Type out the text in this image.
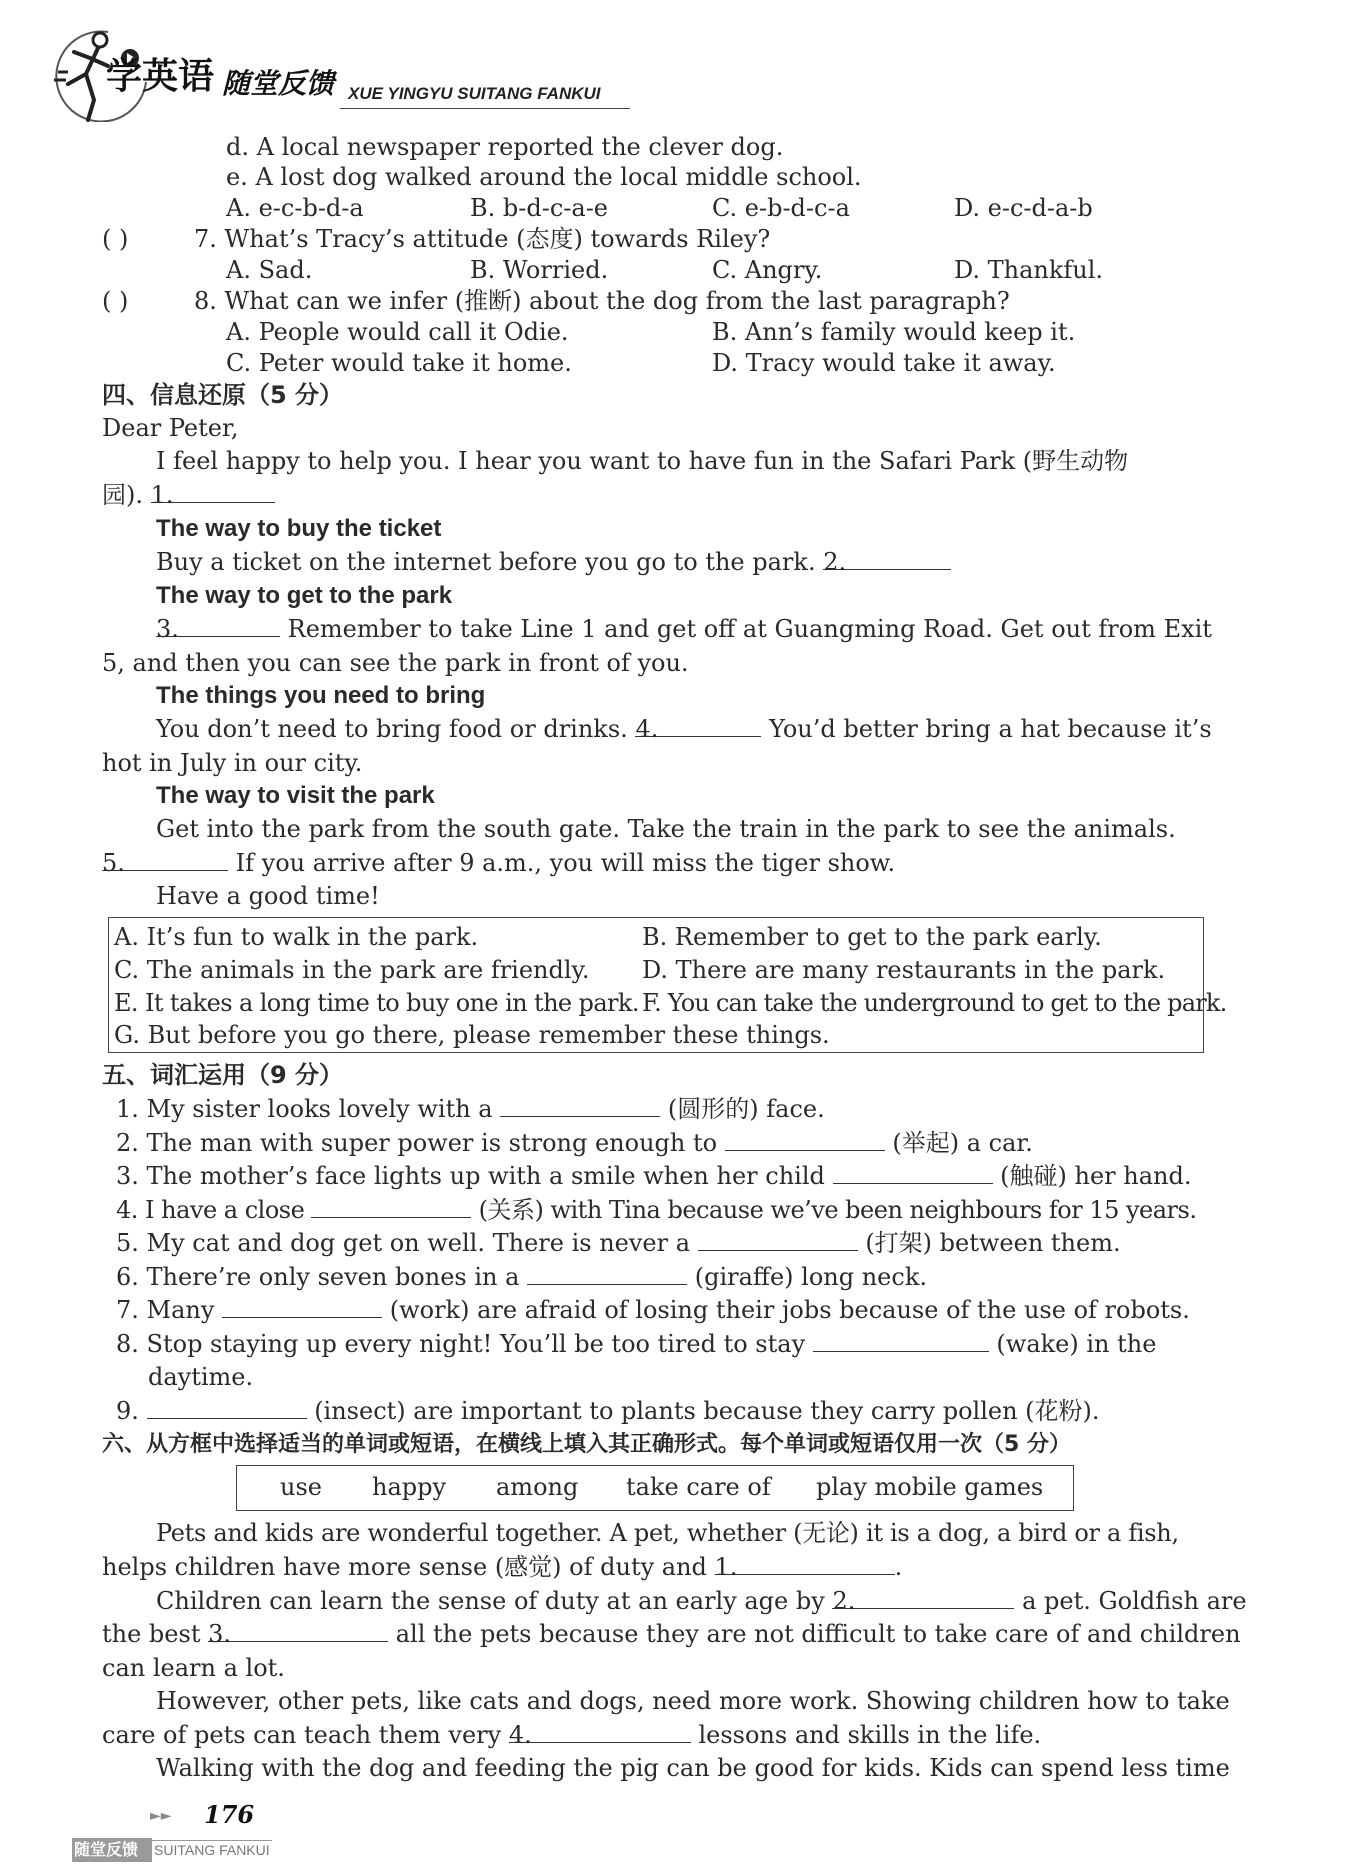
学英语 随堂反馈 XUE YINGYU SUITANG FANKUI
d. A local newspaper reported the clever dog.
e. A lost dog walked around the local middle school.
A. e-c-b-d-a	B. b-d-c-a-e	C. e-b-d-c-a	D. e-c-d-a-b
( )	7. What’s Tracy’s attitude (态度) towards Riley?
A. Sad.	B. Worried.	C. Angry.	D. Thankful.
( )	8. What can we infer (推断) about the dog from the last paragraph?
A. People would call it Odie.	B. Ann’s family would keep it.
C. Peter would take it home.	D. Tracy would take it away.
四、信息还原（5 分）
Dear Peter,
I feel happy to help you. I hear you want to have fun in the Safari Park (野生动物
园). 1.
The way to buy the ticket
Buy a ticket on the internet before you go to the park. 2.
The way to get to the park
3.	Remember to take Line 1 and get off at Guangming Road. Get out from Exit
5, and then you can see the park in front of you.
The things you need to bring
You don’t need to bring food or drinks. 4.	You’d better bring a hat because it’s
hot in July in our city.
The way to visit the park
Get into the park from the south gate. Take the train in the park to see the animals.
5.	If you arrive after 9 a.m., you will miss the tiger show.
Have a good time!
A. It’s fun to walk in the park.	B. Remember to get to the park early.
C. The animals in the park are friendly. D. There are many restaurants in the park.
E. It takes a long time to buy one in the park. F. You can take the underground to get to the park.
G. But before you go there, please remember these things.
五、词汇运用（9 分）
1. My sister looks lovely with a	(圆形的) face.
2. The man with super power is strong enough to	(举起) a car.
3. The mother’s face lights up with a smile when her child	(触碰) her hand.
4. I have a close	(关系) with Tina because we’ve been neighbours for 15 years.
5. My cat and dog get on well. There is never a	(打架) between them.
6. There’re only seven bones in a	(giraffe) long neck.
7. Many	(work) are afraid of losing their jobs because of the use of robots.
8. Stop staying up every night! You’ll be too tired to stay	(wake) in the
daytime.
9.	(insect) are important to plants because they carry pollen (花粉).
六、从方框中选择适当的单词或短语，在横线上填入其正确形式。每个单词或短语仅用一次（5 分）
use happy among take care of play mobile games
Pets and kids are wonderful together. A pet, whether (无论) it is a dog, a bird or a fish,
helps children have more sense (感觉) of duty and 1.	.
Children can learn the sense of duty at an early age by 2.	a pet. Goldfish are
the best 3.	all the pets because they are not difficult to take care of and children
can learn a lot.
However, other pets, like cats and dogs, need more work. Showing children how to take
care of pets can teach them very 4.	lessons and skills in the life.
Walking with the dog and feeding the pig can be good for kids. Kids can spend less time
►► 176
随堂反馈 SUITANG FANKUI
